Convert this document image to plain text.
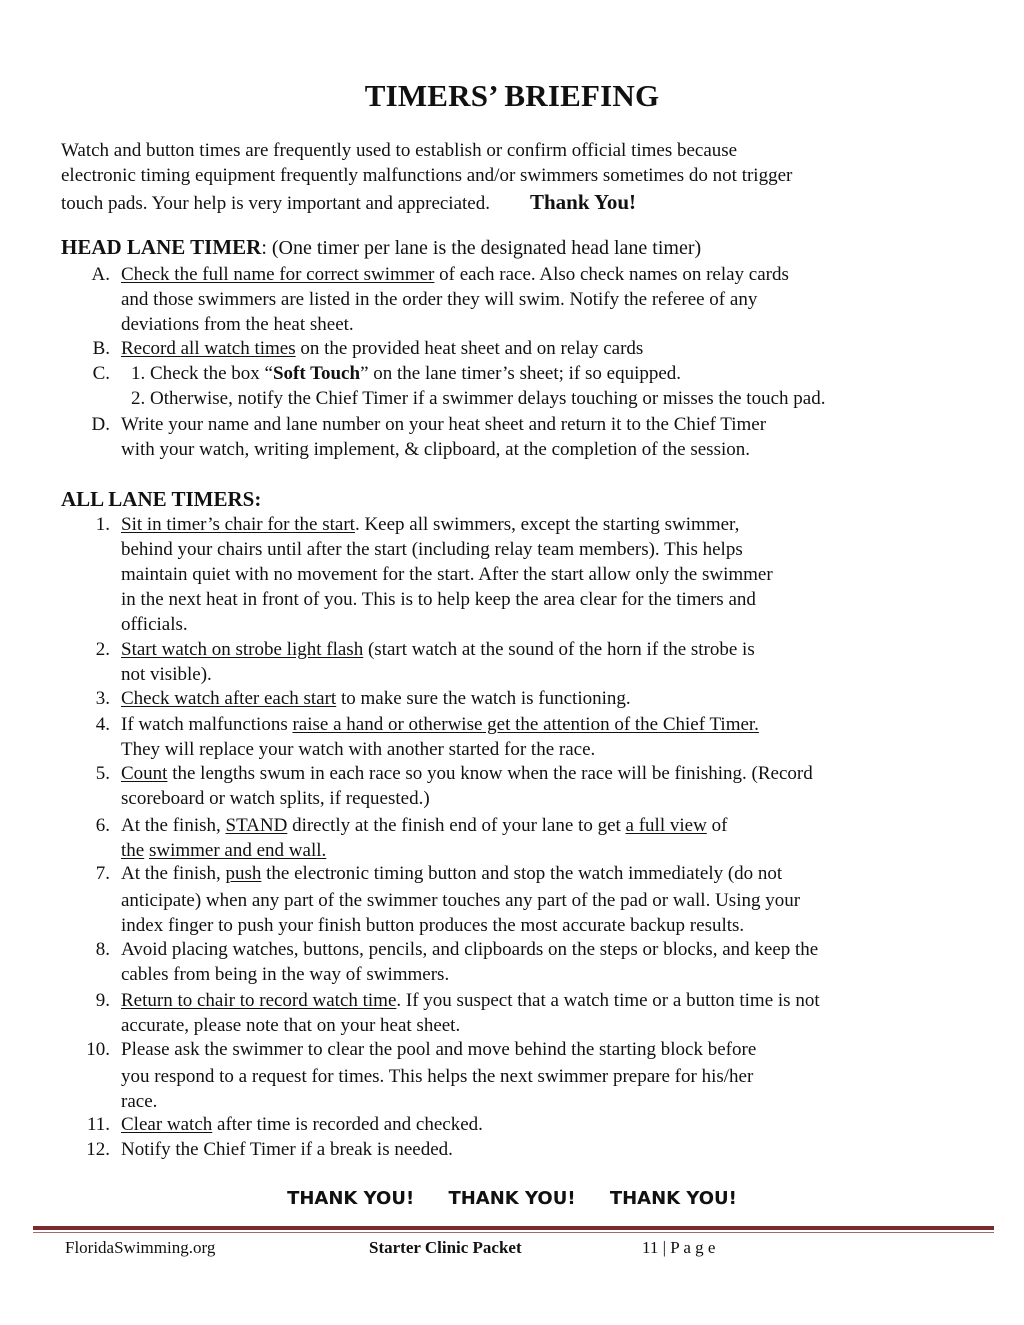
TIMERS’ BRIEFING
Watch and button times are frequently used to establish or confirm official times because
electronic timing equipment frequently malfunctions and/or swimmers sometimes do not trigger
touch pads. Your help is very important and appreciated. Thank You!
HEAD LANE TIMER: (One timer per lane is the designated head lane timer)
A. Check the full name for correct swimmer of each race. Also check names on relay cards
and those swimmers are listed in the order they will swim. Notify the referee of any
deviations from the heat sheet.
B. Record all watch times on the provided heat sheet and on relay cards
C. 1. Check the box “Soft Touch” on the lane timer’s sheet; if so equipped.
2. Otherwise, notify the Chief Timer if a swimmer delays touching or misses the touch pad.
D. Write your name and lane number on your heat sheet and return it to the Chief Timer
with your watch, writing implement, & clipboard, at the completion of the session.
ALL LANE TIMERS:
1. Sit in timer’s chair for the start. Keep all swimmers, except the starting swimmer,
behind your chairs until after the start (including relay team members). This helps
maintain quiet with no movement for the start. After the start allow only the swimmer
in the next heat in front of you. This is to help keep the area clear for the timers and
officials.
2. Start watch on strobe light flash (start watch at the sound of the horn if the strobe is
not visible).
3. Check watch after each start to make sure the watch is functioning.
4. If watch malfunctions raise a hand or otherwise get the attention of the Chief Timer.
They will replace your watch with another started for the race.
5. Count the lengths swum in each race so you know when the race will be finishing. (Record
scoreboard or watch splits, if requested.)
6. At the finish, STAND directly at the finish end of your lane to get a full view of
the swimmer and end wall.
7. At the finish, push the electronic timing button and stop the watch immediately (do not
anticipate) when any part of the swimmer touches any part of the pad or wall. Using your
index finger to push your finish button produces the most accurate backup results.
8. Avoid placing watches, buttons, pencils, and clipboards on the steps or blocks, and keep the
cables from being in the way of swimmers.
9. Return to chair to record watch time. If you suspect that a watch time or a button time is not
accurate, please note that on your heat sheet.
10. Please ask the swimmer to clear the pool and move behind the starting block before
you respond to a request for times. This helps the next swimmer prepare for his/her
race.
11. Clear watch after time is recorded and checked.
12. Notify the Chief Timer if a break is needed.
THANK YOU! THANK YOU! THANK YOU!
FloridaSwimming.org	Starter Clinic Packet	11 | P a g e
